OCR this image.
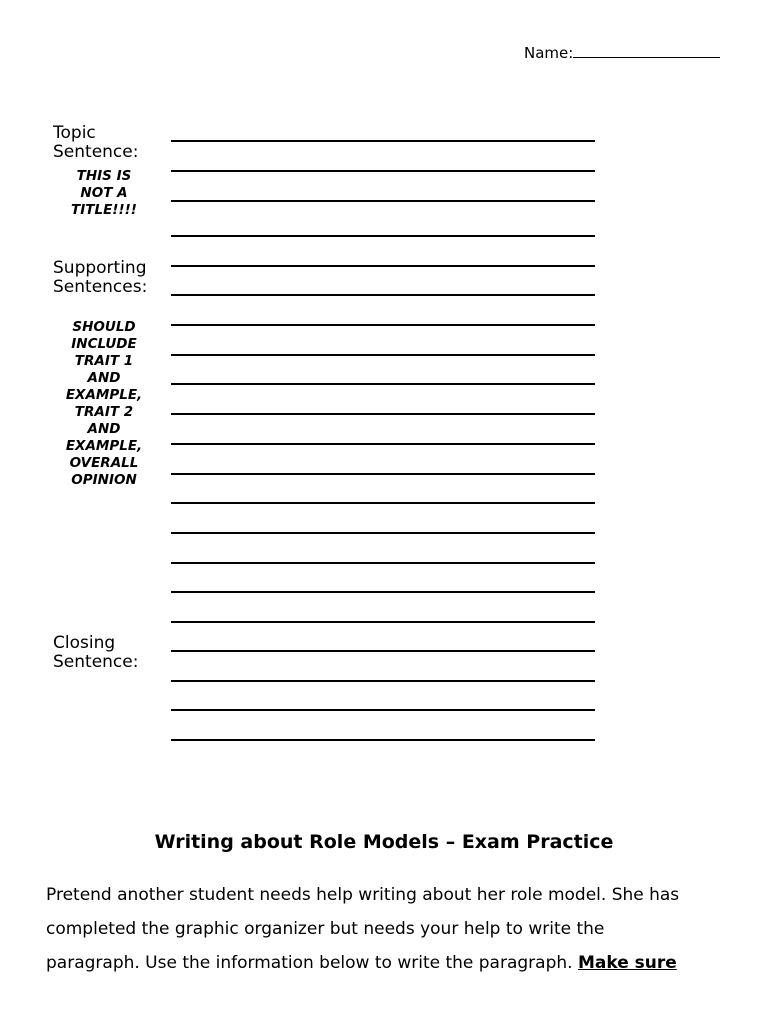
Name:
Topic
Sentence:
THIS IS
NOT A
TITLE!!!!
Supporting
Sentences:
SHOULD
INCLUDE
TRAIT 1
AND
EXAMPLE,
TRAIT 2
AND
EXAMPLE,
OVERALL
OPINION
Closing
Sentence:
Writing about Role Models – Exam Practice
Pretend another student needs help writing about her role model. She has
completed the graphic organizer but needs your help to write the
paragraph. Use the information below to write the paragraph. Make sure
